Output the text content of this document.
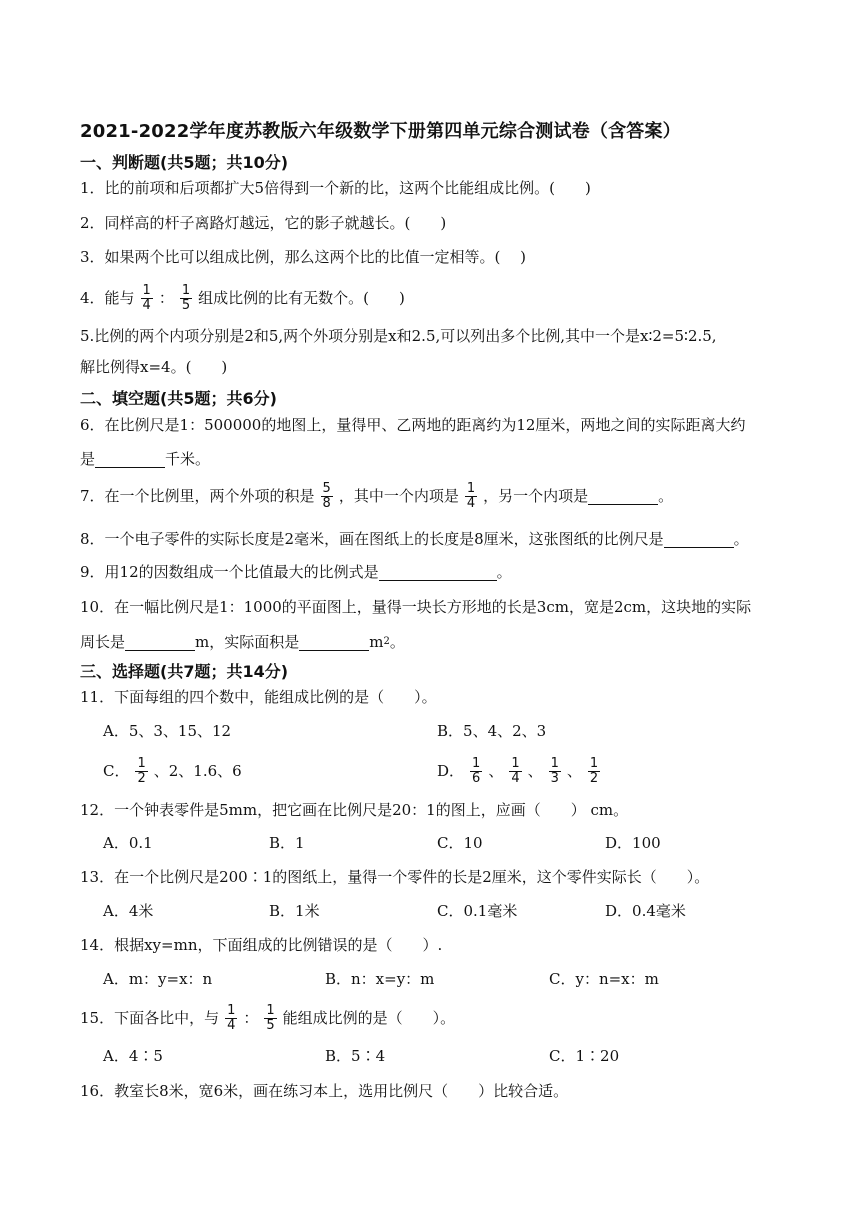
2021-2022学年度苏教版六年级数学下册第四单元综合测试卷（含答案）
一、判断题(共5题；共10分)
1．比的前项和后项都扩大5倍得到一个新的比，这两个比能组成比例。(　　)
2．同样高的杆子离路灯越远，它的影子就越长。(　　)
3．如果两个比可以组成比例，那么这两个比的比值一定相等。(　 )
4．能与 $\frac{1}{4}$ ： $\frac{1}{5}$ 组成比例的比有无数个。(　　)
5.比例的两个内项分别是2和5,两个外项分别是x和2.5,可以列出多个比例,其中一个是x∶2=5∶2.5,
解比例得x=4。(　　)
二、填空题(共5题；共6分)
6．在比例尺是1：500000的地图上，量得甲、乙两地的距离约为12厘米，两地之间的实际距离大约
是	千米。
7．在一个比例里，两个外项的积是 $\frac{5}{8}$ ，其中一个内项是 $\frac{1}{4}$ ，另一个内项是	。
8．一个电子零件的实际长度是2毫米，画在图纸上的长度是8厘米，这张图纸的比例尺是	。
9．用12的因数组成一个比值最大的比例式是	。
10．在一幅比例尺是1：1000的平面图上，量得一块长方形地的长是3cm，宽是2cm，这块地的实际
周长是	m，实际面积是	m 2 。
三、选择题(共7题；共14分)
11．下面每组的四个数中，能组成比例的是（　　）。
A．5、3、15、12	B．5、4、2、3
C． $\frac{1}{2}$ 、2、1.6、6	D． $\frac{1}{6}$ 、 $\frac{1}{4}$ 、 $\frac{1}{3}$ 、 $\frac{1}{2}$
12．一个钟表零件是5mm，把它画在比例尺是20：1的图上，应画（　　） cm。
A．0.1	B．1	C．10	D．100
13．在一个比例尺是200∶1的图纸上，量得一个零件的长是2厘米，这个零件实际长（　　）。
A．4米	B．1米	C．0.1毫米	D．0.4毫米
14．根据xy=mn，下面组成的比例错误的是（　　）.
A．m：y=x：n	B．n：x=y：m	C．y：n=x：m
15．下面各比中，与 $\frac{1}{4}$ ： $\frac{1}{5}$ 能组成比例的是（　　）。
A．4∶5	B．5∶4	C．1∶20
16．教室长8米，宽6米，画在练习本上，选用比例尺（　　）比较合适。
